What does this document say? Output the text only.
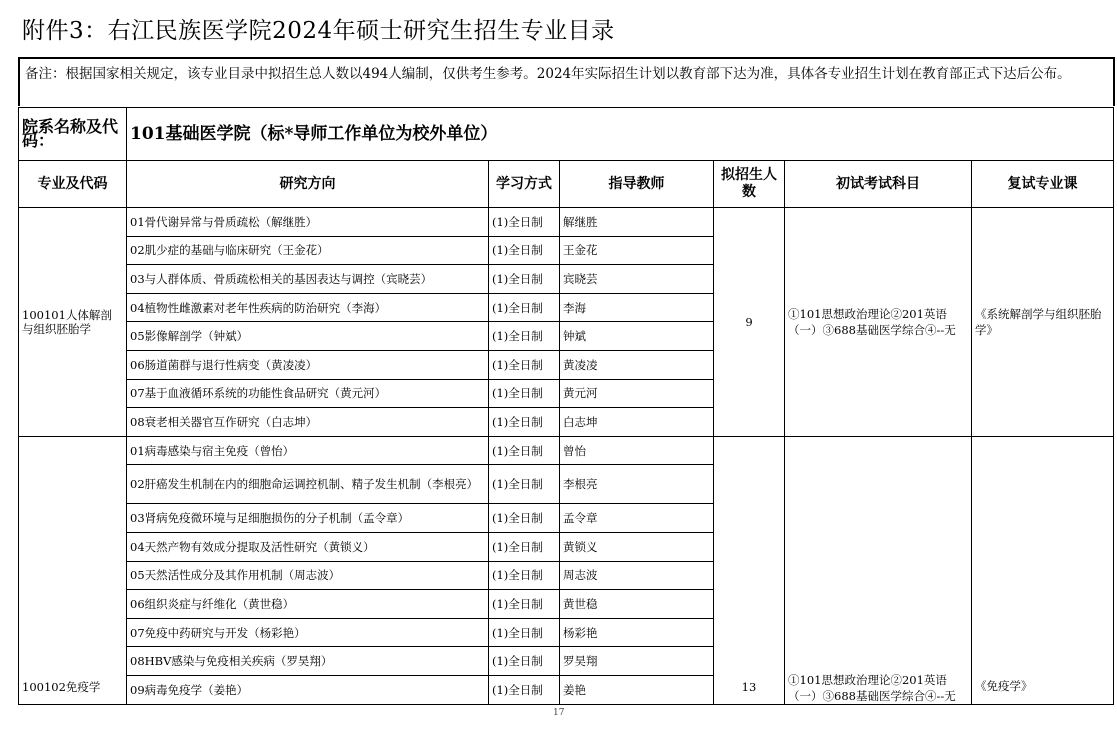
附件3：右江民族医学院2024年硕士研究生招生专业目录
备注：根据国家相关规定，该专业目录中拟招生总人数以494人编制，仅供考生参考。2024年实际招生计划以教育部下达为准，具体各专业招生计划在教育部正式下达后公布。
院系名称及代码：	101基础医学院（标*导师工作单位为校外单位）					
专业及代码	研究方向	学习方式	指导教师	拟招生人数	初试考试科目	复试专业课
100101人体解剖与组织胚胎学	01骨代谢异常与骨质疏松（解继胜）	(1)全日制	解继胜	9	①101思想政治理论②201英语（一）③688基础医学综合④--无	《系统解剖学与组织胚胎学》
	02肌少症的基础与临床研究（王金花）	(1)全日制	王金花			
	03与人群体质、骨质疏松相关的基因表达与调控（宾晓芸）	(1)全日制	宾晓芸			
	04植物性雌激素对老年性疾病的防治研究（李海）	(1)全日制	李海			
	05影像解剖学（钟斌）	(1)全日制	钟斌			
	06肠道菌群与退行性病变（黄凌凌）	(1)全日制	黄凌凌			
	07基于血液循环系统的功能性食品研究（黄元河）	(1)全日制	黄元河			
	08衰老相关器官互作研究（白志坤）	(1)全日制	白志坤			
100102免疫学	01病毒感染与宿主免疫（曾怡）	(1)全日制	曾怡	13	①101思想政治理论②201英语（一）③688基础医学综合④--无	《免疫学》
	02肝癌发生机制在内的细胞命运调控机制、精子发生机制（李根亮）	(1)全日制	李根亮			
	03肾病免疫微环境与足细胞损伤的分子机制（孟令章）	(1)全日制	孟令章			
	04天然产物有效成分提取及活性研究（黄锁义）	(1)全日制	黄锁义			
	05天然活性成分及其作用机制（周志波）	(1)全日制	周志波			
	06组织炎症与纤维化（黄世稳）	(1)全日制	黄世稳			
	07免疫中药研究与开发（杨彩艳）	(1)全日制	杨彩艳			
	08HBV感染与免疫相关疾病（罗昊翔）	(1)全日制	罗昊翔			
	09病毒免疫学（姜艳）	(1)全日制	姜艳			
17
